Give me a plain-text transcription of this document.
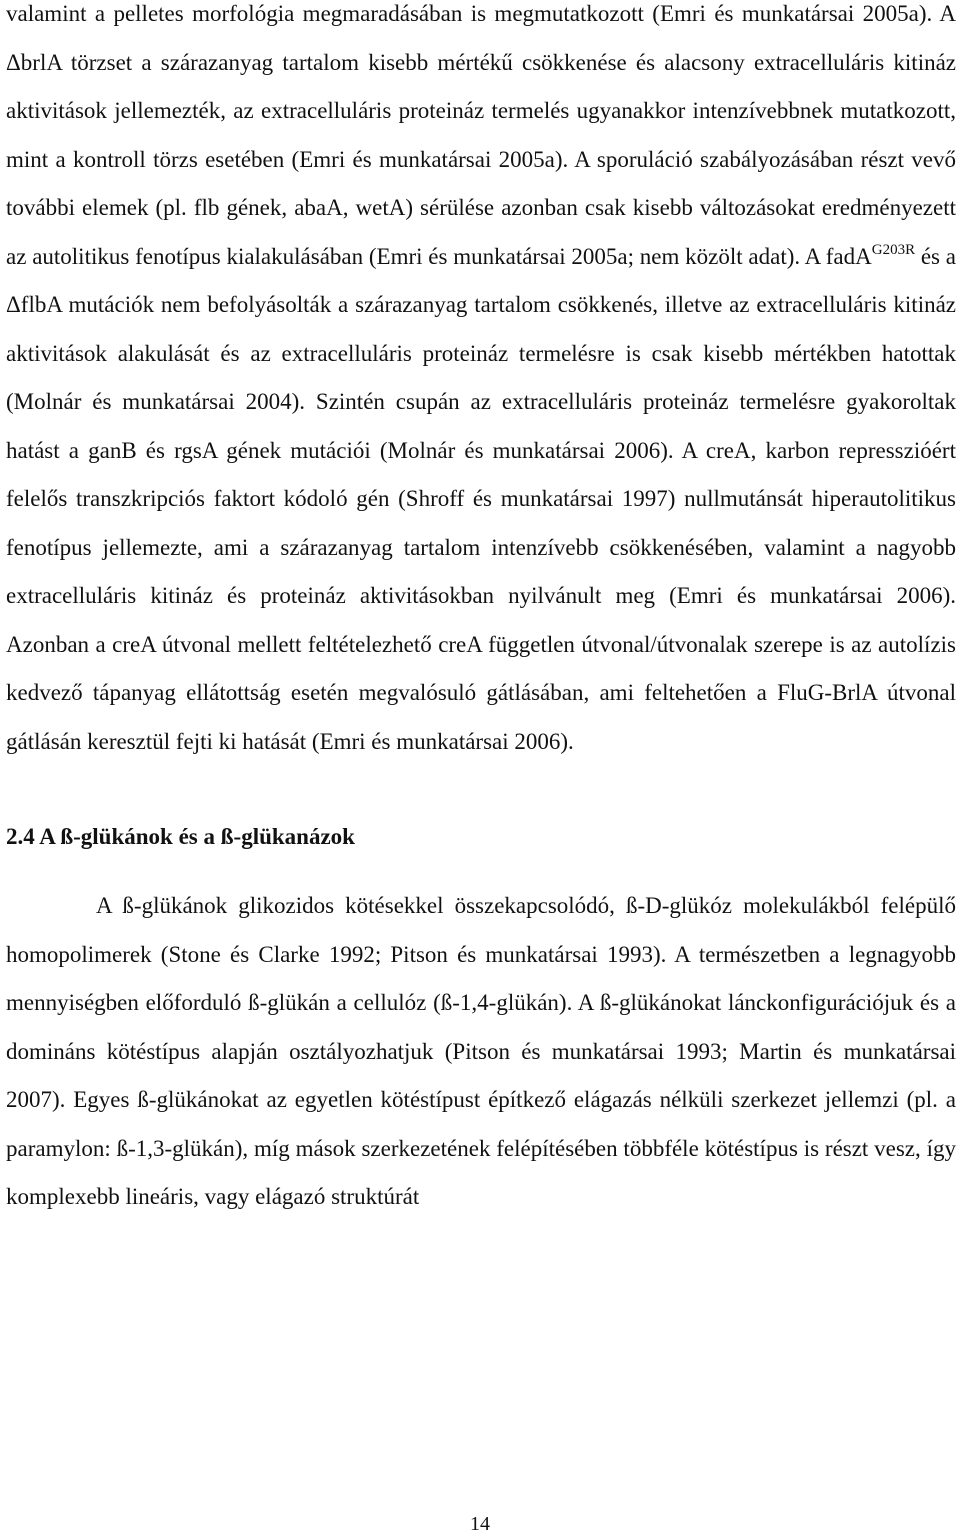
valamint a pelletes morfológia megmaradásában is megmutatkozott (Emri és munkatársai 2005a). A ΔbrlA törzset a szárazanyag tartalom kisebb mértékű csökkenése és alacsony extracelluláris kitináz aktivitások jellemezték, az extracelluláris proteináz termelés ugyanakkor intenzívebbnek mutatkozott, mint a kontroll törzs esetében (Emri és munkatársai 2005a). A sporuláció szabályozásában részt vevő további elemek (pl. flb gének, abaA, wetA) sérülése azonban csak kisebb változásokat eredményezett az autolitikus fenotípus kialakulásában (Emri és munkatársai 2005a; nem közölt adat). A fadA$^{G203R}$ és a ΔflbA mutációk nem befolyásolták a szárazanyag tartalom csökkenés, illetve az extracelluláris kitináz aktivitások alakulását és az extracelluláris proteináz termelésre is csak kisebb mértékben hatottak (Molnár és munkatársai 2004). Szintén csupán az extracelluláris proteináz termelésre gyakoroltak hatást a ganB és rgsA gének mutációi (Molnár és munkatársai 2006). A creA, karbon represszióért felelős transzkripciós faktort kódoló gén (Shroff és munkatársai 1997) nullmutánsát hiperautolitikus fenotípus jellemezte, ami a szárazanyag tartalom intenzívebb csökkenésében, valamint a nagyobb extracelluláris kitináz és proteináz aktivitásokban nyilvánult meg (Emri és munkatársai 2006). Azonban a creA útvonal mellett feltételezhető creA független útvonal/útvonalak szerepe is az autolízis kedvező tápanyag ellátottság esetén megvalósuló gátlásában, ami feltehetően a FluG-BrlA útvonal gátlásán keresztül fejti ki hatását (Emri és munkatársai 2006).

2.4 A ß-glükánok és a ß-glükanázok

A ß-glükánok glikozidos kötésekkel összekapcsolódó, ß-D-glükóz molekulákból felépülő homopolimerek (Stone és Clarke 1992; Pitson és munkatársai 1993). A természetben a legnagyobb mennyiségben előforduló ß-glükán a cellulóz (ß-1,4-glükán). A ß-glükánokat lánckonfigurációjuk és a domináns kötéstípus alapján osztályozhatjuk (Pitson és munkatársai 1993; Martin és munkatársai 2007). Egyes ß-glükánokat az egyetlen kötéstípust építkező elágazás nélküli szerkezet jellemzi (pl. a paramylon: ß-1,3-glükán), míg mások szerkezetének felépítésében többféle kötéstípus is részt vesz, így komplexebb lineáris, vagy elágazó struktúrát

14
